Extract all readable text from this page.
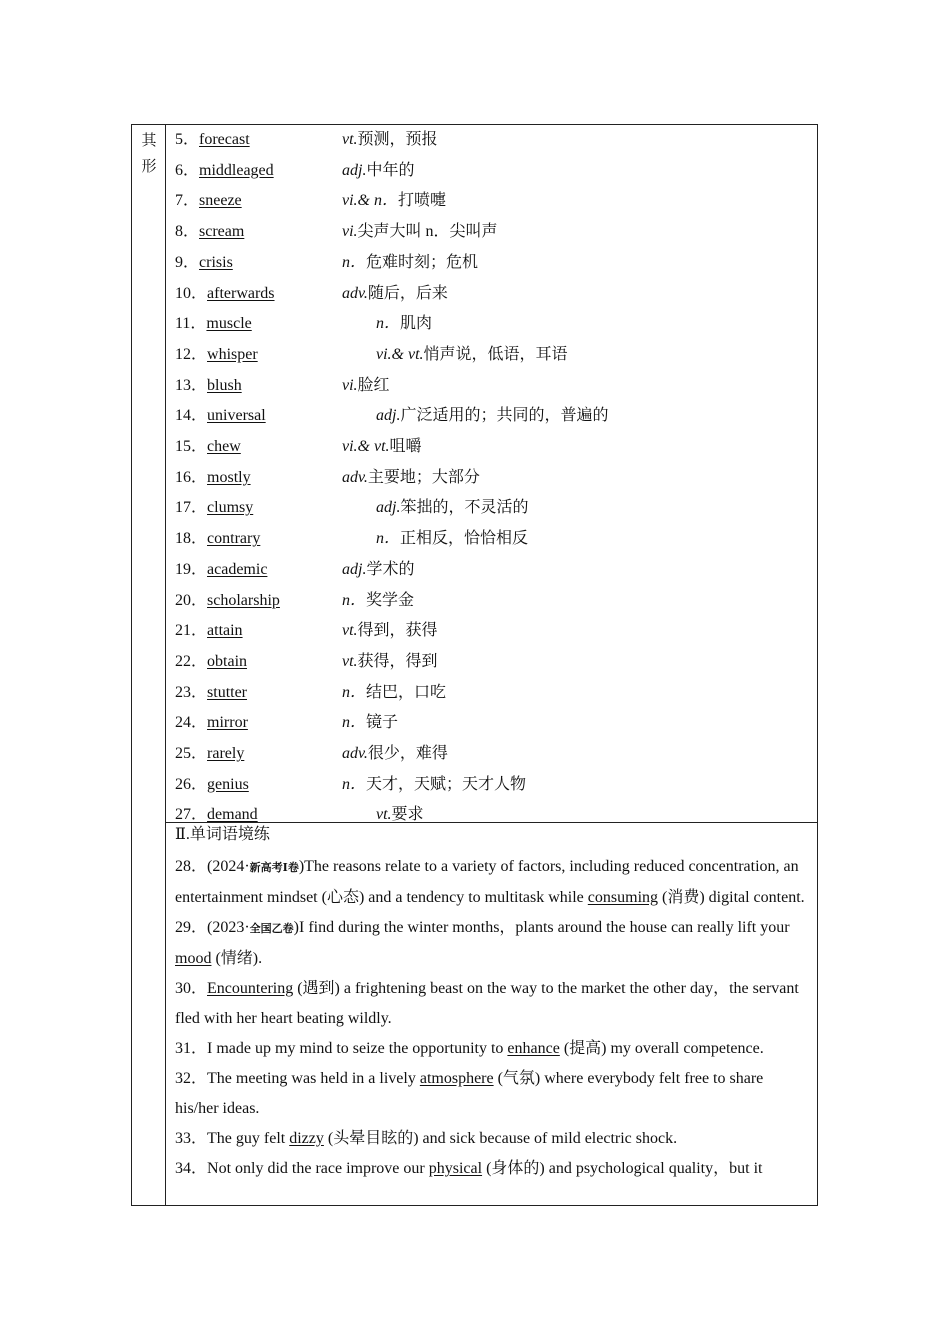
其形
5．forecast	vt.预测，预报
6．middleaged	adj.中年的
7．sneeze	vi.& n．打喷嚏
8．scream	vi.尖声大叫 n．尖叫声
9．crisis	n．危难时刻；危机
10．afterwards	adv.随后，后来
11．muscle	n．肌肉
12．whisper	vi.& vt.悄声说，低语，耳语
13．blush	vi.脸红
14．universal	adj.广泛适用的；共同的，普遍的
15．chew	vi.& vt.咀嚼
16．mostly	adv.主要地；大部分
17．clumsy	adj.笨拙的，不灵活的
18．contrary	n．正相反，恰恰相反
19．academic	adj.学术的
20．scholarship	n．奖学金
21．attain	vt.得到，获得
22．obtain	vt.获得，得到
23．stutter	n．结巴，口吃
24．mirror	n．镜子
25．rarely	adv.很少，难得
26．genius	n．天才，天赋；天才人物
27．demand	vt.要求
Ⅱ.单词语境练

28．(2024·新高考Ⅰ卷)The reasons relate to a variety of factors, including reduced concentration, an entertainment mindset (心态) and a tendency to multitask while consuming (消费) digital content.

29．(2023·全国乙卷)I find during the winter months，plants around the house can really lift your mood (情绪).

30．Encountering (遇到) a frightening beast on the way to the market the other day，the servant fled with her heart beating wildly.

31．I made up my mind to seize the opportunity to enhance (提高) my overall competence.

32．The meeting was held in a lively atmosphere (气氛) where everybody felt free to share his/her ideas.

33．The guy felt dizzy (头晕目眩的) and sick because of mild electric shock.

34．Not only did the race improve our physical (身体的) and psychological quality，but it
